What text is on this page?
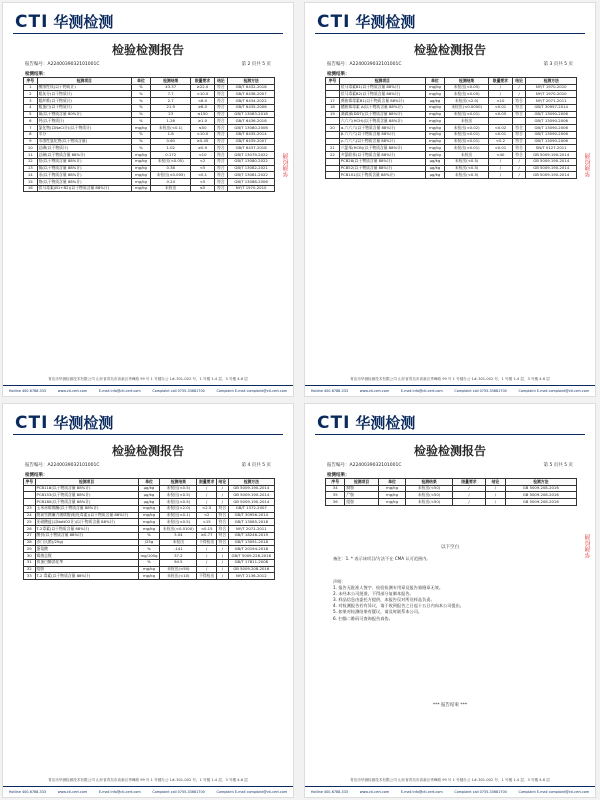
CTI 华测检测
检验检测报告
报告编号：A2240039032101001C	第 2 页共 5 页
检测结果：
序号	检测项目	单位	检测结果	限量要求	结论	检测方法
1	酸溶性钛(以干物质计)	%	43.37	≥22.0	符合	GB/T 6432-2018
2	粗灰分(以干物质计)	%	7.7	<10.0	符合	GB/T 6438-2007
3	粗纤维(以干物质计)	%	2.7	<8.0	符合	GB/T 6434-2022
4	粗蛋白(以干物质计)	%	21.9	≥8.0	符合	GB/T 6435-2006
5	氟(以干物质含量 80%计)	%	23	≤150	符合	GB/T 13083-2018
6	钙(以干物质计)	%	1.26	≥1.0	符合	GB/T 6436-2018
7	氯化物(以NaCl计)(以干物质计)	mg/kg	未检出(<0.1)	≤50	符合	GB/T 13080-2006
8	水分	%	1.8	<10.0	符合	GB/T 6435-2014
9	水溶性氯化物(以干物质含量)	%	0.60	≥0.45	符合	GB/T 6439-2007
10	总磷(以干物质计)	%	1.02	≥0.9	符合	GB/T 6437-2018
11	总砷(以干物质含量 88%计)	mg/kg	0.172	<10	符合	GB/T 13079-2022
12	铅(以干物质含量 88%计)	mg/kg	未检出(<0.05)	<2	符合	GB/T 13080-2022
13	镉(以干物质含量 88%计)	mg/kg	0.38	<5	符合	GB/T 13082-2021
14	汞(以干物质含量 88%计)	mg/kg	未检出(<0.005)	<0.1	符合	GB/T 13081-2022
15	铬(以干物质含量 88%计)	mg/kg	0.24	<5	符合	GB/T 13088-2006
16	伏马毒素(B1+B2)(以干物质含量 88%计)	mg/kg	未检出	≤5	符合	NY/T 1970-2010
华测检测
青岛市华测检测技术有限公司 山东省青岛市高新区秀峰路 99 号 1 号楼办公 1#-301-002 号、1 号楼 1-4 层、3 号楼 4-6 层
Hotline 400-6788-333	www.cti-cert.com	E-mail info@cti-cert.com	Complaint call 0755-33681700	Complaint E-mail complaint@cti-cert.com
CTI 华测检测
检验检测报告
报告编号：A2240039032101001C	第 3 页共 5 页
检测结果：
序号	检测项目	单位	检测结果	限量要求	结论	检测方法
	伏马毒素B1(以干物质含量 88%计)	mg/kg	未检出(<0.05)	/	/	NY/T 1970-2010
	伏马毒素B2(以干物质含量 88%计)	mg/kg	未检出(<0.05)	/	/	NY/T 1970-2010
17	黄曲霉毒素B1(以干物质含量 88%计)	μg/kg	未检出(<2.0)	<10	符合	NY/T 2071-2011
18	赭曲霉毒素 A(以干物质含量 88%计)	mg/kg	未检出(<0.0050)	<0.01	符合	GB/T 30957-2014
19	滴滴涕(DDT)(以干物质含量 88%计)	mg/kg	未检出(<0.01)	<0.05	符合	GB/T 13090-2006
	六六六(HCH)(以干物质含量 88%计)	mg/kg	未检出			GB/T 13090-2006
20	α-六六六(以干物质含量 88%计)	mg/kg	未检出(<0.02)	<0.02	符合	GB/T 13090-2006
	β-六六六(以干物质含量 88%计)	mg/kg	未检出(<0.01)	<0.01	符合	GB/T 13090-2006
	γ-六六六(以干物质含量 88%计)	mg/kg	未检出(<0.01)	<0.2	符合	GB/T 13090-2006
21	六氯苯(HCB)(以干物质含量 88%计)	mg/kg	未检出(<0.01)	<0.01	符合	SN/T 0127-2011
22	多氯联苯(以干物质含量 88%计)	mg/kg	未检出	<40	符合	GB 5009.190-2014
	PCB28(以干物质含量 88%计)	μg/kg	未检出(<0.5)	/	/	GB 5009.190-2014
	PCB52(以干物质含量 88%计)	μg/kg	未检出(<0.5)	/	/	GB 5009.190-2014
	PCB101(以干物质含量 88%计)	μg/kg	未检出(<0.5)	/	/	GB 5009.190-2014	华测检测
青岛市华测检测技术有限公司 山东省青岛市高新区秀峰路 99 号 1 号楼办公 1#-301-002 号、1 号楼 1-4 层、3 号楼 4-6 层
Hotline 400-6788-333	www.cti-cert.com	E-mail info@cti-cert.com	Complaint call 0755-33681700	Complaint E-mail complaint@cti-cert.com
CTI 华测检测
检验检测报告
报告编号：A2240039032101001C	第 4 页共 5 页
检测结果：
序号	检测项目	单位	检测结果	限量要求	结论	检测方法
	PCB118(以干物质含量 88%计)	μg/kg	未检出(<0.5)	/	/	GB 5009.190-2014
	PCB153(以干物质含量 88%计)	μg/kg	未检出(<0.5)	/	/	GB 5009.190-2014
	PCB180(以干物质含量 88%计)	μg/kg	未检出(<0.5)	/	/	GB 5009.190-2014
23	玉米赤霉烯酮(以干物质含量 88%计)	mg/kg	未检出(<2.0)	<2.5	符合	GB/T 1372-2007
24	脱氧雪腐镰刀菌烯醇(呕吐毒素)(以干物质含量 88%计)	mg/kg	未检出(<0.1)	<2	符合	GB/T 30956-2014
25	亚硝酸盐(以NaNO2计)(以干物质含量 88%计)	mg/kg	未检出(<0.5)	<15	符合	GB/T 13085-2018
26	T-2毒素(以干物质含量 88%计)	mg/kg	未检出(<0.0100)	<0.15	符合	NY/T 2071-2011
27	酸价(以干物质含量 88%计)	%	3.04	≥0.77	符合	GB/T 18246-2019
28	沙门氏菌(/25g)	/25g	未检出	不得检出	符合	GB/T 13091-2018
29	蛋氨酸	%	-141	/	/	GB/T 20194-2018
30	霉菌总数	mg/100g	37.2	/	/	GB/T 5009.228-2016
31	胃蛋白酶消化率	%	94.5	/	/	GB/T 17811-2008
32	组胺	mg/kg	未检出(<50)	/	/	GB 5009.208-2016
33	T-2 毒素(以干物质含量 88%计)	mg/kg	未检出(<10)	不得检出	/	NY/T 2136-2012
青岛市华测检测技术有限公司 山东省青岛市高新区秀峰路 99 号 1 号楼办公 1#-301-002 号、1 号楼 1-4 层、3 号楼 4-6 层
Hotline 400-6788-333	www.cti-cert.com	E-mail info@cti-cert.com	Complaint call 0755-33681700	Complaint E-mail complaint@cti-cert.com
CTI 华测检测
检验检测报告
报告编号：A2240039032101001C	第 5 页共 5 页
检测结果：
序号	检测项目	单位	检测结果	限量要求	结论	检测方法
34	腐胺	mg/kg	未检出(<50)	/	/	GB 5009.208-2016
35	尸胺	mg/kg	未检出(<50)	/	/	GB 5009.208-2016
36	组胺	mg/kg	未检出(<50)	/	/	GB 5009.208-2016
以下空白
备注：1. * 表示该项目/方法不在 CMA 认可范围内。
声明：
1. 报告无批准人签字、检验检测专用章及报告骑缝章无效。
2. 未经本公司批准，不得部分复制本报告。
3. 样品信息由委托方提供，本报告仅对所送样品负责。
4. 对检测报告若有异议，请于收到报告之日起十五日内向本公司提出。
5. 如果对检测结果有疑议，请及时联系本公司。
6. 扫描二维码可查询报告真伪。
*** 报告结束 ***
华测检测
青岛市华测检测技术有限公司 山东省青岛市高新区秀峰路 99 号 1 号楼办公 1#-301-002 号、1 号楼 1-4 层、3 号楼 4-6 层
Hotline 400-6788-333	www.cti-cert.com	E-mail info@cti-cert.com	Complaint call 0755-33681700	Complaint E-mail complaint@cti-cert.com
